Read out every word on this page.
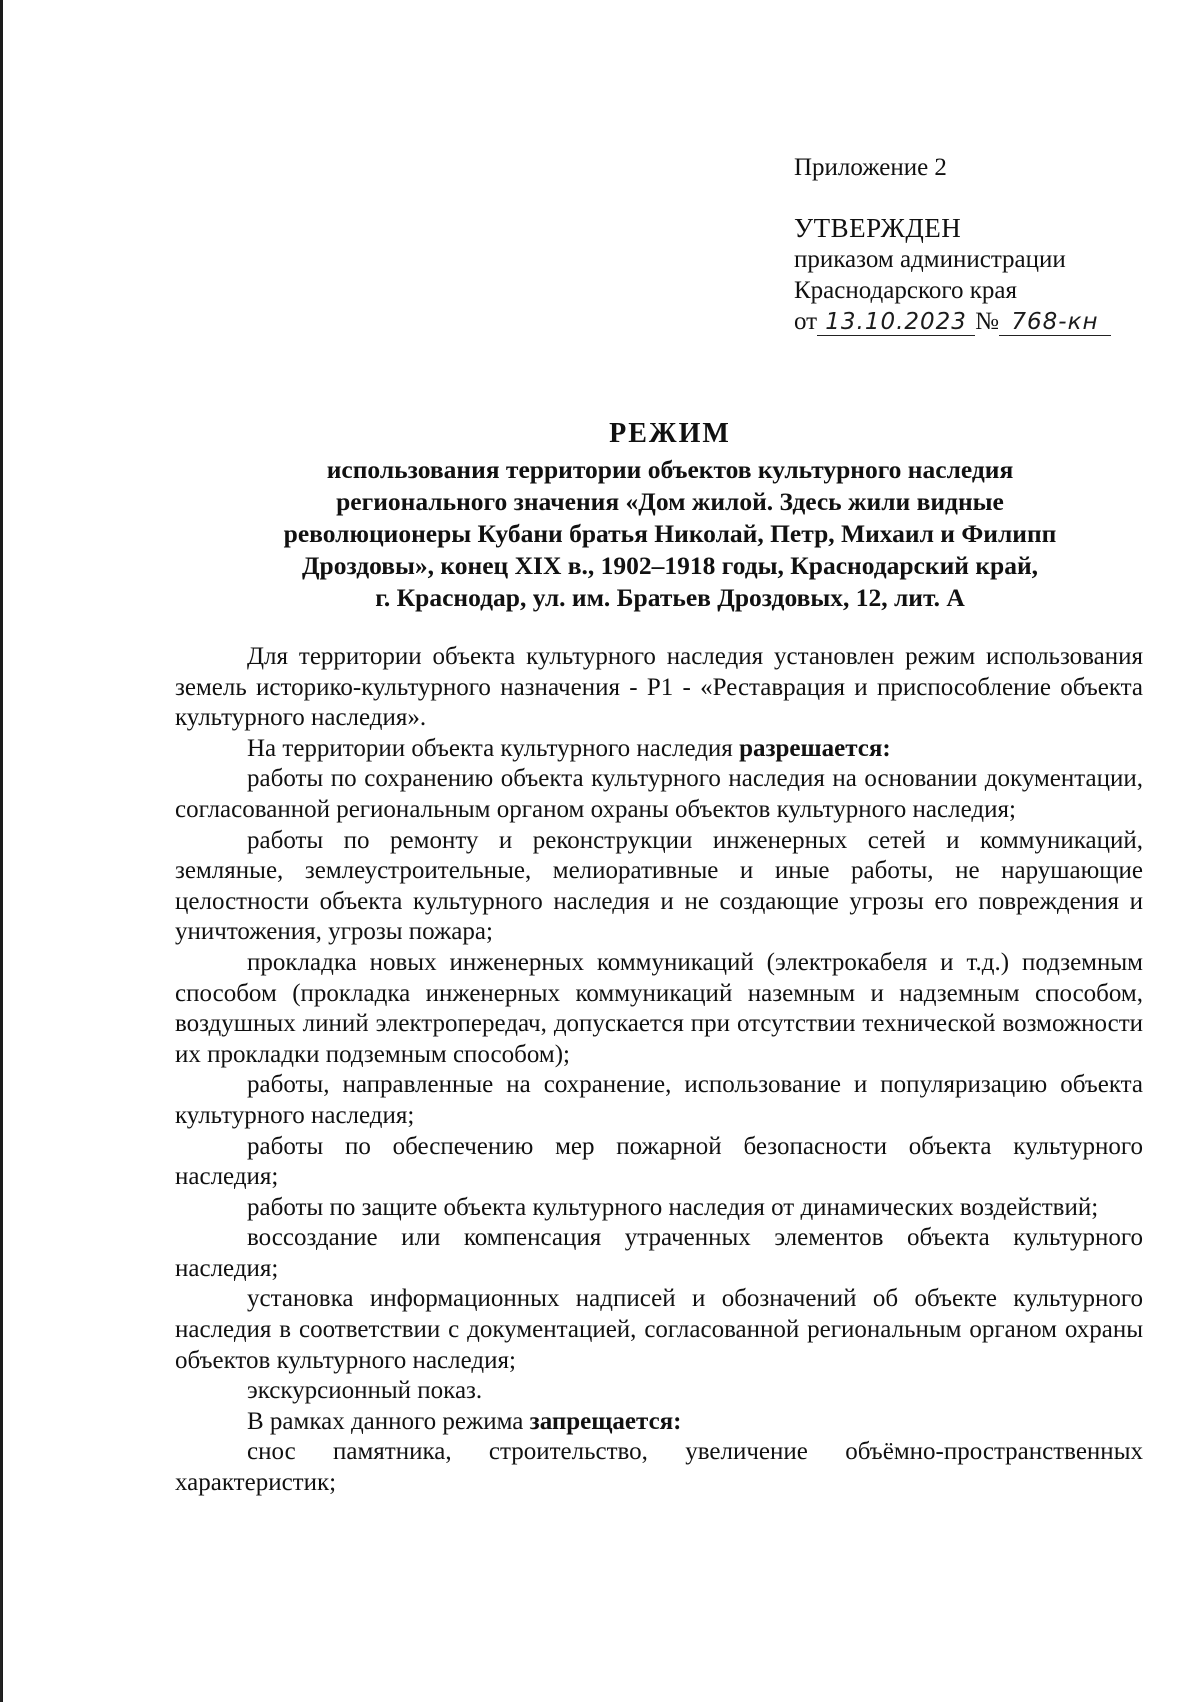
Приложение 2
УТВЕРЖДЕН
приказом администрации
Краснодарского края
от 13.10.2023 № 768-кн
РЕЖИМ
использования территории объектов культурного наследия
регионального значения «Дом жилой. Здесь жили видные
революционеры Кубани братья Николай, Петр, Михаил и Филипп
Дроздовы», конец XIX в., 1902–1918 годы, Краснодарский край,
г. Краснодар, ул. им. Братьев Дроздовых, 12, лит. А

Для территории объекта культурного наследия установлен режим использования земель историко-культурного назначения - Р1 - «Реставрация и приспособление объекта культурного наследия».

На территории объекта культурного наследия разрешается:

работы по сохранению объекта культурного наследия на основании документации, согласованной региональным органом охраны объектов культурного наследия;

работы по ремонту и реконструкции инженерных сетей и коммуникаций, земляные, землеустроительные, мелиоративные и иные работы, не нарушающие целостности объекта культурного наследия и не создающие угрозы его повреждения и уничтожения, угрозы пожара;

прокладка новых инженерных коммуникаций (электрокабеля и т.д.) подземным способом (прокладка инженерных коммуникаций наземным и надземным способом, воздушных линий электропередач, допускается при отсутствии технической возможности их прокладки подземным способом);

работы, направленные на сохранение, использование и популяризацию объекта культурного наследия;

работы по обеспечению мер пожарной безопасности объекта культурного наследия;

работы по защите объекта культурного наследия от динамических воздействий;

воссоздание или компенсация утраченных элементов объекта культурного наследия;

установка информационных надписей и обозначений об объекте культурного наследия в соответствии с документацией, согласованной региональным органом охраны объектов культурного наследия;

экскурсионный показ.

В рамках данного режима запрещается:

снос памятника, строительство, увеличение объёмно-пространственных характеристик;
